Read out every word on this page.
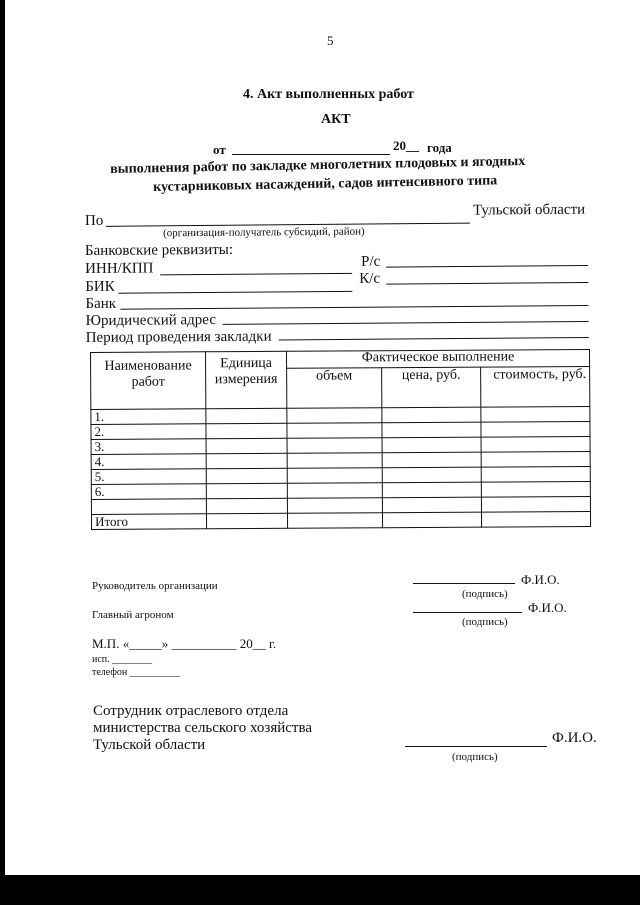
5
4. Акт выполненных работ
АКТ
от	20__ года
выполнения работ по закладке многолетних плодовых и ягодных
кустарниковых насаждений, садов интенсивного типа
По
Тульской области
(организация-получатель субсидий, район)
Банковские реквизиты:
ИНН/КПП	Р/с
БИК
К/с
Банк
Юридический адрес
Период проведения закладки
Наименование работ	Единица измерения	Фактическое выполнение		
		объем	цена, руб.	стоимость, руб.
1.				
2.				
3.				
4.				
5.				
6.				

Итого				
Руководитель организации	Ф.И.О.
(подпись)
Главный агроном	Ф.И.О.
(подпись)
М.П. «_____» __________ 20__ г.
исп. ________
телефон __________
Сотрудник отраслевого отдела
министерства сельского хозяйства
Тульской области	Ф.И.О.
(подпись)
